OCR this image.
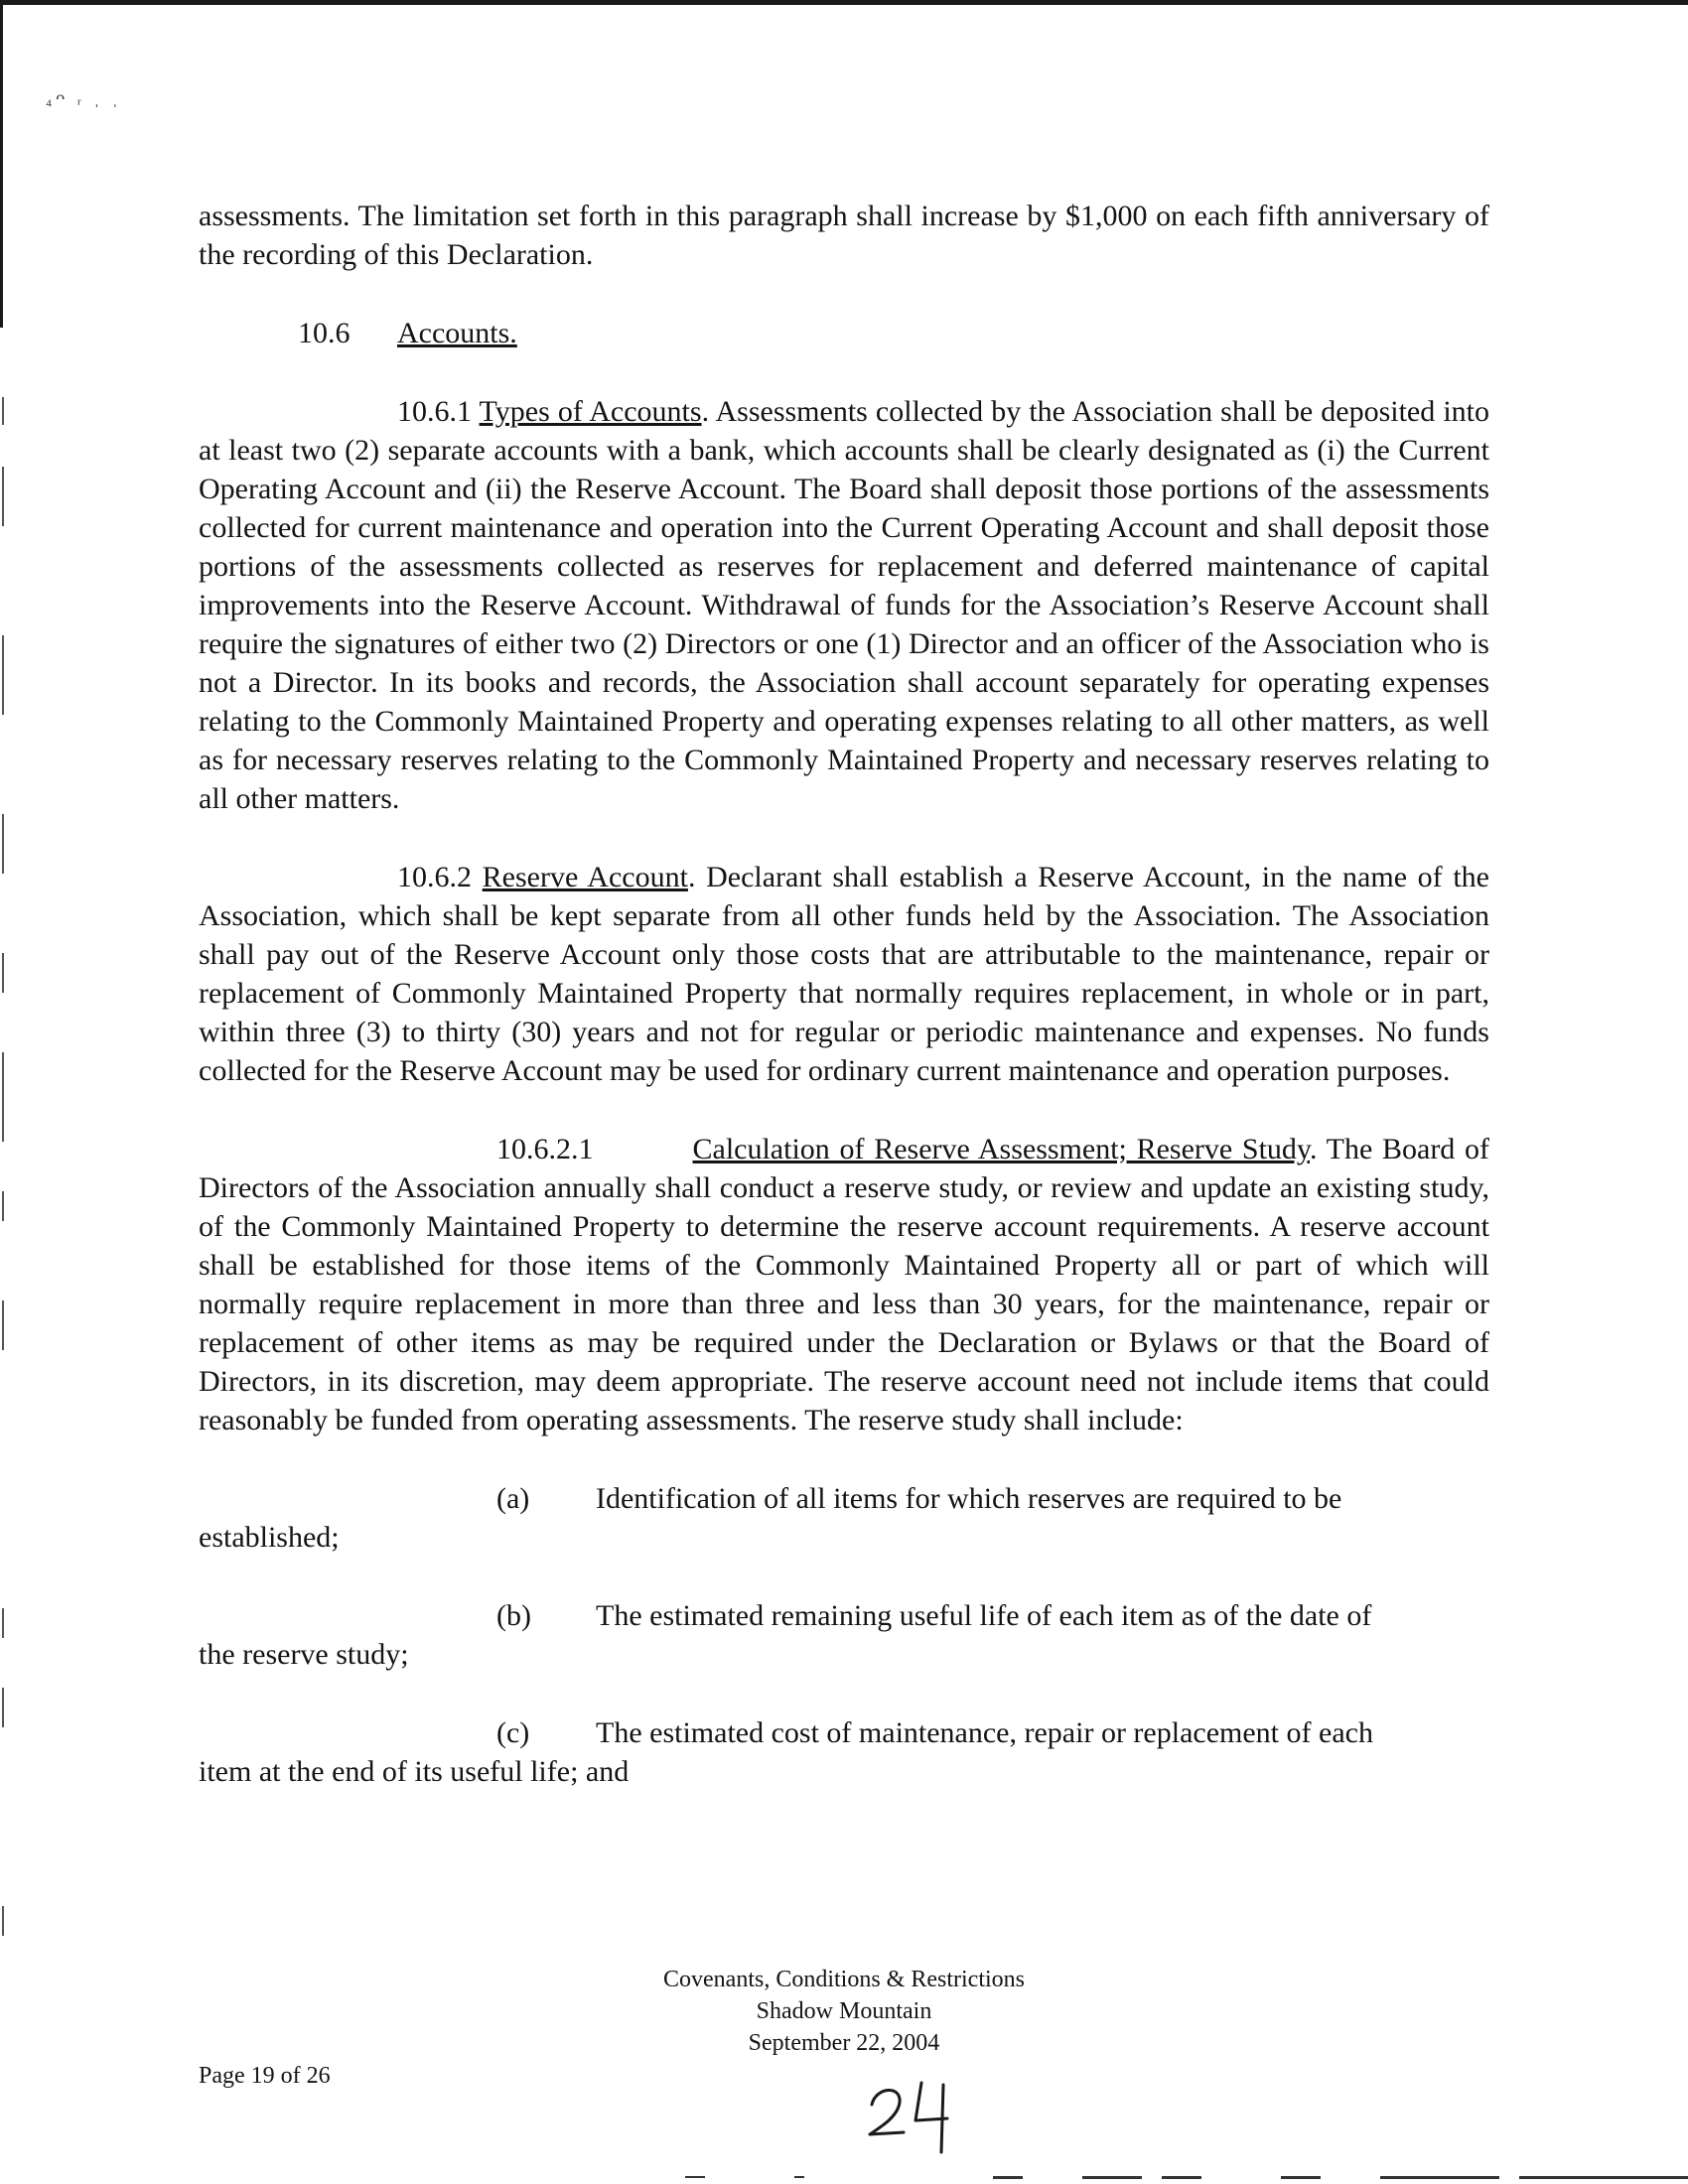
₄ᴖ ᵣ ˌ ˌ

assessments. The limitation set forth in this paragraph shall increase by $1,000 on each fifth anniversary of the recording of this Declaration.

10.6 Accounts.

10.6.1 Types of Accounts. Assessments collected by the Association shall be deposited into at least two (2) separate accounts with a bank, which accounts shall be clearly designated as (i) the Current Operating Account and (ii) the Reserve Account. The Board shall deposit those portions of the assessments collected for current maintenance and operation into the Current Operating Account and shall deposit those portions of the assessments collected as reserves for replacement and deferred maintenance of capital improvements into the Reserve Account. Withdrawal of funds for the Association’s Reserve Account shall require the signatures of either two (2) Directors or one (1) Director and an officer of the Association who is not a Director. In its books and records, the Association shall account separately for operating expenses relating to the Commonly Maintained Property and operating expenses relating to all other matters, as well as for necessary reserves relating to the Commonly Maintained Property and necessary reserves relating to all other matters.

10.6.2 Reserve Account. Declarant shall establish a Reserve Account, in the name of the Association, which shall be kept separate from all other funds held by the Association. The Association shall pay out of the Reserve Account only those costs that are attributable to the maintenance, repair or replacement of Commonly Maintained Property that normally requires replacement, in whole or in part, within three (3) to thirty (30) years and not for regular or periodic maintenance and expenses. No funds collected for the Reserve Account may be used for ordinary current maintenance and operation purposes.

10.6.2.1	Calculation of Reserve Assessment; Reserve Study. The Board of Directors of the Association annually shall conduct a reserve study, or review and update an existing study, of the Commonly Maintained Property to determine the reserve account requirements. A reserve account shall be established for those items of the Commonly Maintained Property all or part of which will normally require replacement in more than three and less than 30 years, for the maintenance, repair or replacement of other items as may be required under the Declaration or Bylaws or that the Board of Directors, in its discretion, may deem appropriate. The reserve account need not include items that could reasonably be funded from operating assessments. The reserve study shall include:

(a)	Identification of all items for which reserves are required to be

established;

(b)	The estimated remaining useful life of each item as of the date of

the reserve study;

(c)	The estimated cost of maintenance, repair or replacement of each

item at the end of its useful life; and

Covenants, Conditions & Restrictions
Shadow Mountain
September 22, 2004
Page 19 of 26
